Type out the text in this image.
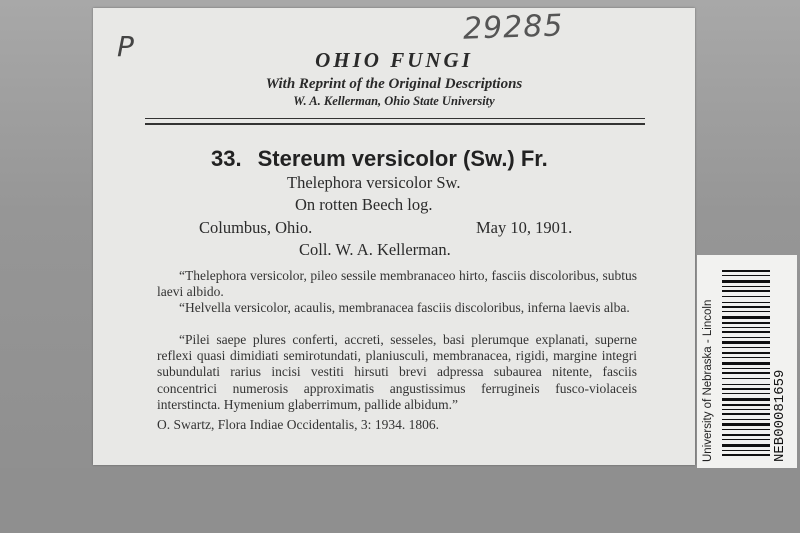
P	29285
OHIO FUNGI
With Reprint of the Original Descriptions
W. A. Kellerman, Ohio State University
33. Stereum versicolor (Sw.) Fr.
Thelephora versicolor Sw.
On rotten Beech log.
Columbus, Ohio.	May 10, 1901.
Coll. W. A. Kellerman.
“Thelephora versicolor, pileo sessile membranaceo hirto, fasciis discoloribus, subtus laevi albido.
“Helvella versicolor, acaulis, membranacea fasciis discoloribus, inferna laevis alba.
“Pilei saepe plures conferti, accreti, sesseles, basi plerumque explanati, superne reflexi quasi dimidiati semirotundati, planiusculi, membranacea, rigidi, margine integri subundulati rarius incisi vestiti hirsuti brevi adpressa subaurea nitente, fasciis concentrici numerosis approximatis angustissimus ferrugineis fusco-violaceis interstincta. Hymenium glaberrimum, pallide albidum.”
O. Swartz, Flora Indiae Occidentalis, 3: 1934. 1806.	University of Nebraska - Lincoln	NEB00081659
